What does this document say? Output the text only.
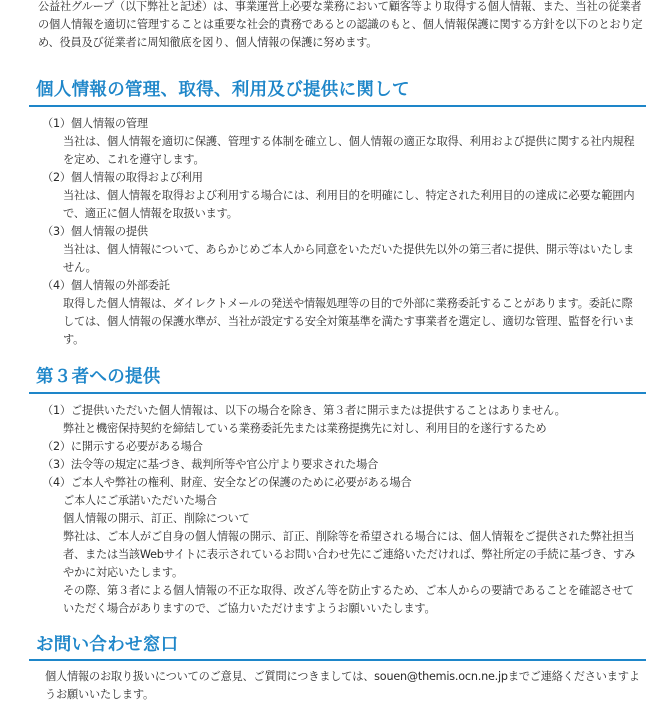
公益社グループ（以下弊社と記述）は、事業運営上必要な業務において顧客等より取得する個人情報、また、当社の従業者の個人情報を適切に管理することは重要な社会的責務であるとの認識のもと、個人情報保護に関する方針を以下のとおり定め、役員及び従業者に周知徹底を図り、個人情報の保護に努めます。

個人情報の管理、取得、利用及び提供に関して

（1）個人情報の管理

当社は、個人情報を適切に保護、管理する体制を確立し、個人情報の適正な取得、利用および提供に関する社内規程を定め、これを遵守します。

（2）個人情報の取得および利用

当社は、個人情報を取得および利用する場合には、利用目的を明確にし、特定された利用目的の達成に必要な範囲内で、適正に個人情報を取扱います。

（3）個人情報の提供

当社は、個人情報について、あらかじめご本人から同意をいただいた提供先以外の第三者に提供、開示等はいたしません。

（4）個人情報の外部委託

取得した個人情報は、ダイレクトメールの発送や情報処理等の目的で外部に業務委託することがあります。委託に際しては、個人情報の保護水準が、当社が設定する安全対策基準を満たす事業者を選定し、適切な管理、監督を行います。

第３者への提供

（1）ご提供いただいた個人情報は、以下の場合を除き、第３者に開示または提供することはありません。

弊社と機密保持契約を締結している業務委託先または業務提携先に対し、利用目的を遂行するため

（2）に開示する必要がある場合

（3）法令等の規定に基づき、裁判所等や官公庁より要求された場合

（4）ご本人や弊社の権利、財産、安全などの保護のために必要がある場合

ご本人にご承諾いただいた場合

個人情報の開示、訂正、削除について

弊社は、ご本人がご自身の個人情報の開示、訂正、削除等を希望される場合には、個人情報をご提供された弊社担当者、または当該Webサイトに表示されているお問い合わせ先にご連絡いただければ、弊社所定の手続に基づき、すみやかに対応いたします。

その際、第３者による個人情報の不正な取得、改ざん等を防止するため、ご本人からの要請であることを確認させていただく場合がありますので、ご協力いただけますようお願いいたします。

お問い合わせ窓口

個人情報のお取り扱いについてのご意見、ご質問につきましては、souen@themis.ocn.ne.jpまでご連絡くださいますようお願いいたします。
